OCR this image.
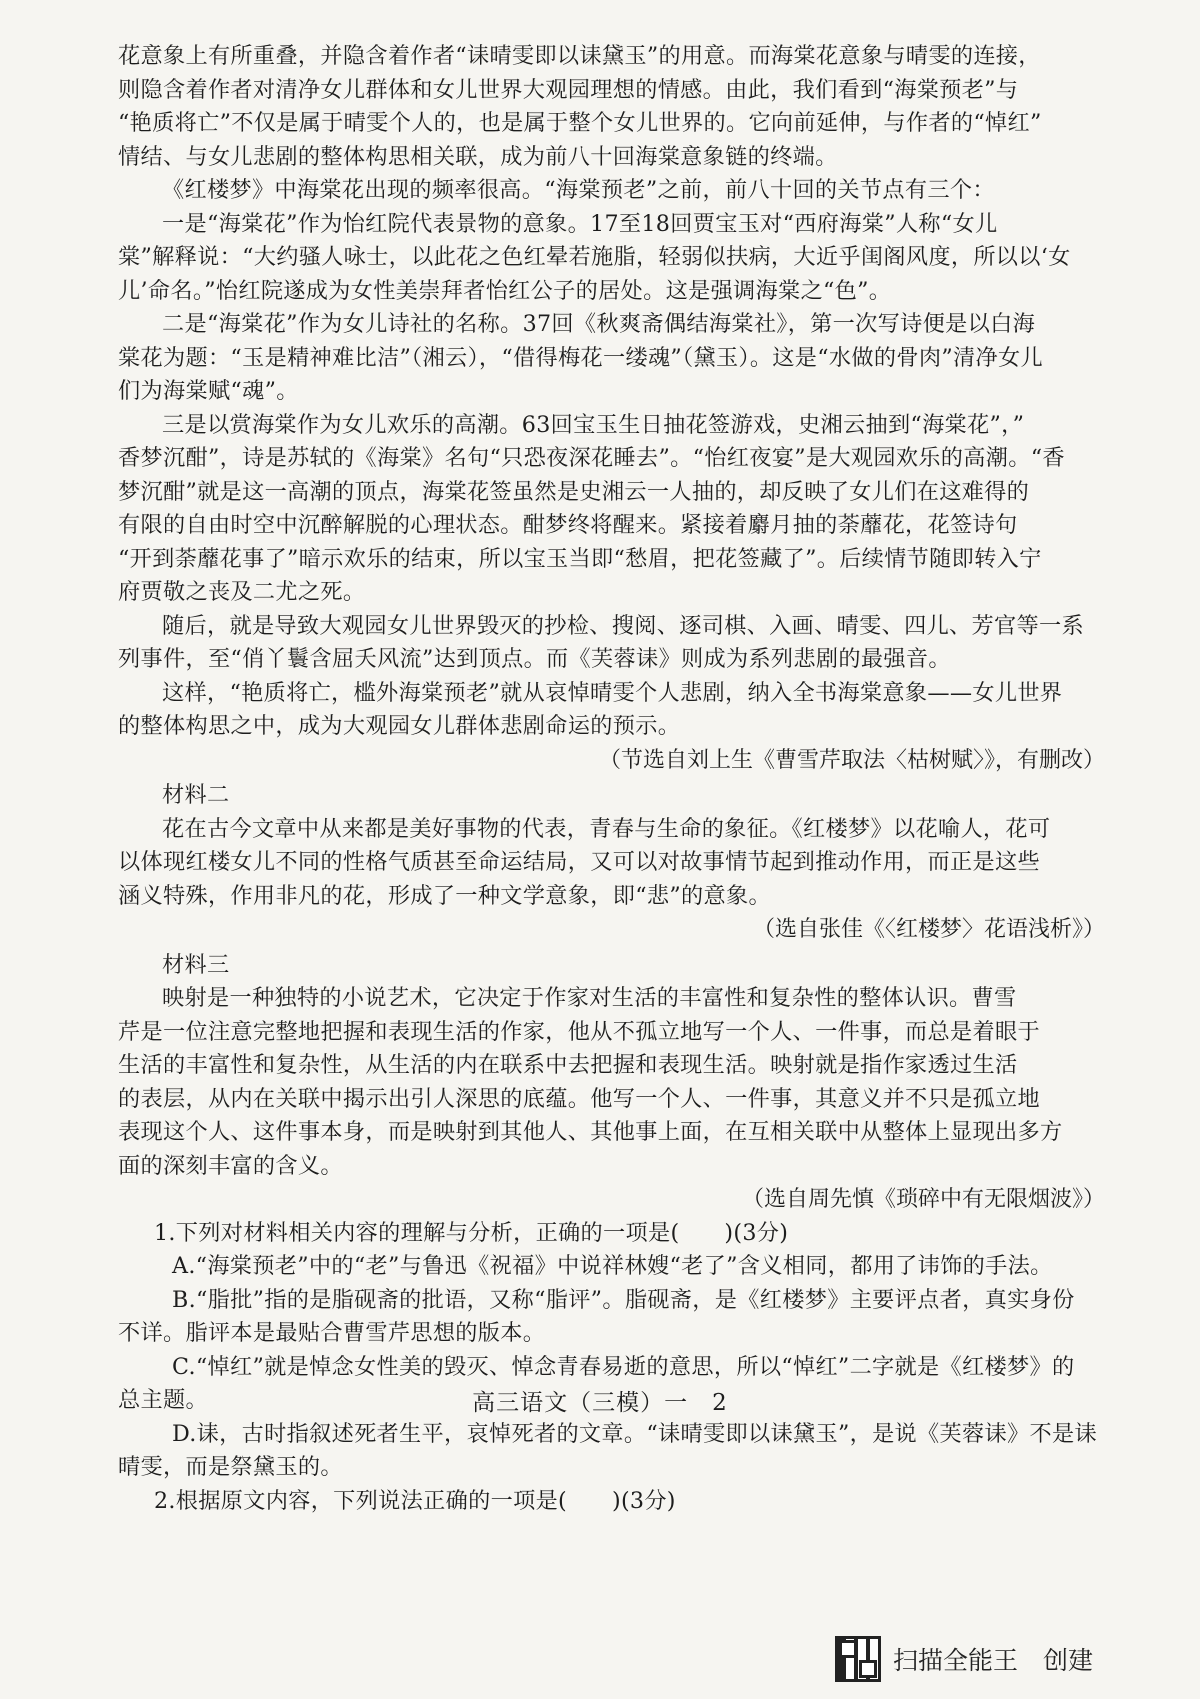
花意象上有所重叠，并隐含着作者“诔晴雯即以诔黛玉”的用意。而海棠花意象与晴雯的连接，
则隐含着作者对清净女儿群体和女儿世界大观园理想的情感。由此，我们看到“海棠预老”与
“艳质将亡”不仅是属于晴雯个人的，也是属于整个女儿世界的。它向前延伸，与作者的“悼红”
情结、与女儿悲剧的整体构思相关联，成为前八十回海棠意象链的终端。
《红楼梦》中海棠花出现的频率很高。“海棠预老”之前，前八十回的关节点有三个：
一是“海棠花”作为怡红院代表景物的意象。17至18回贾宝玉对“西府海棠”人称“女儿
棠”解释说：“大约骚人咏士，以此花之色红晕若施脂，轻弱似扶病，大近乎闺阁风度，所以以‘女
儿’命名。”怡红院遂成为女性美崇拜者怡红公子的居处。这是强调海棠之“色”。
二是“海棠花”作为女儿诗社的名称。37回《秋爽斋偶结海棠社》，第一次写诗便是以白海
棠花为题：“玉是精神难比洁”（湘云），“借得梅花一缕魂”（黛玉）。这是“水做的骨肉”清净女儿
们为海棠赋“魂”。
三是以赏海棠作为女儿欢乐的高潮。63回宝玉生日抽花签游戏，史湘云抽到“海棠花”，”
香梦沉酣”，诗是苏轼的《海棠》名句“只恐夜深花睡去”。“怡红夜宴”是大观园欢乐的高潮。“香
梦沉酣”就是这一高潮的顶点，海棠花签虽然是史湘云一人抽的，却反映了女儿们在这难得的
有限的自由时空中沉醉解脱的心理状态。酣梦终将醒来。紧接着麝月抽的荼蘼花，花签诗句
“开到荼蘼花事了”暗示欢乐的结束，所以宝玉当即“愁眉，把花签藏了”。后续情节随即转入宁
府贾敬之丧及二尤之死。
随后，就是导致大观园女儿世界毁灭的抄检、搜阅、逐司棋、入画、晴雯、四儿、芳官等一系
列事件，至“俏丫鬟含屈夭风流”达到顶点。而《芙蓉诔》则成为系列悲剧的最强音。
这样，“艳质将亡，槛外海棠预老”就从哀悼晴雯个人悲剧，纳入全书海棠意象——女儿世界
的整体构思之中，成为大观园女儿群体悲剧命运的预示。
（节选自刘上生《曹雪芹取法〈枯树赋〉》，有删改）
材料二
花在古今文章中从来都是美好事物的代表，青春与生命的象征。《红楼梦》以花喻人，花可
以体现红楼女儿不同的性格气质甚至命运结局，又可以对故事情节起到推动作用，而正是这些
涵义特殊，作用非凡的花，形成了一种文学意象，即“悲”的意象。
（选自张佳《〈红楼梦〉花语浅析》）
材料三
映射是一种独特的小说艺术，它决定于作家对生活的丰富性和复杂性的整体认识。曹雪
芹是一位注意完整地把握和表现生活的作家，他从不孤立地写一个人、一件事，而总是着眼于
生活的丰富性和复杂性，从生活的内在联系中去把握和表现生活。映射就是指作家透过生活
的表层，从内在关联中揭示出引人深思的底蕴。他写一个人、一件事，其意义并不只是孤立地
表现这个人、这件事本身，而是映射到其他人、其他事上面，在互相关联中从整体上显现出多方
面的深刻丰富的含义。
（选自周先慎《琐碎中有无限烟波》）
1.下列对材料相关内容的理解与分析，正确的一项是(　　)(3分)
A.“海棠预老”中的“老”与鲁迅《祝福》中说祥林嫂“老了”含义相同，都用了讳饰的手法。
B.“脂批”指的是脂砚斋的批语，又称“脂评”。脂砚斋，是《红楼梦》主要评点者，真实身份
不详。脂评本是最贴合曹雪芹思想的版本。
C.“悼红”就是悼念女性美的毁灭、悼念青春易逝的意思，所以“悼红”二字就是《红楼梦》的
总主题。
D.诔，古时指叙述死者生平，哀悼死者的文章。“诔晴雯即以诔黛玉”，是说《芙蓉诔》不是诔
晴雯，而是祭黛玉的。
2.根据原文内容，下列说法正确的一项是(　　)(3分)
高三语文（三模）一　2
扫描全能王　创建
